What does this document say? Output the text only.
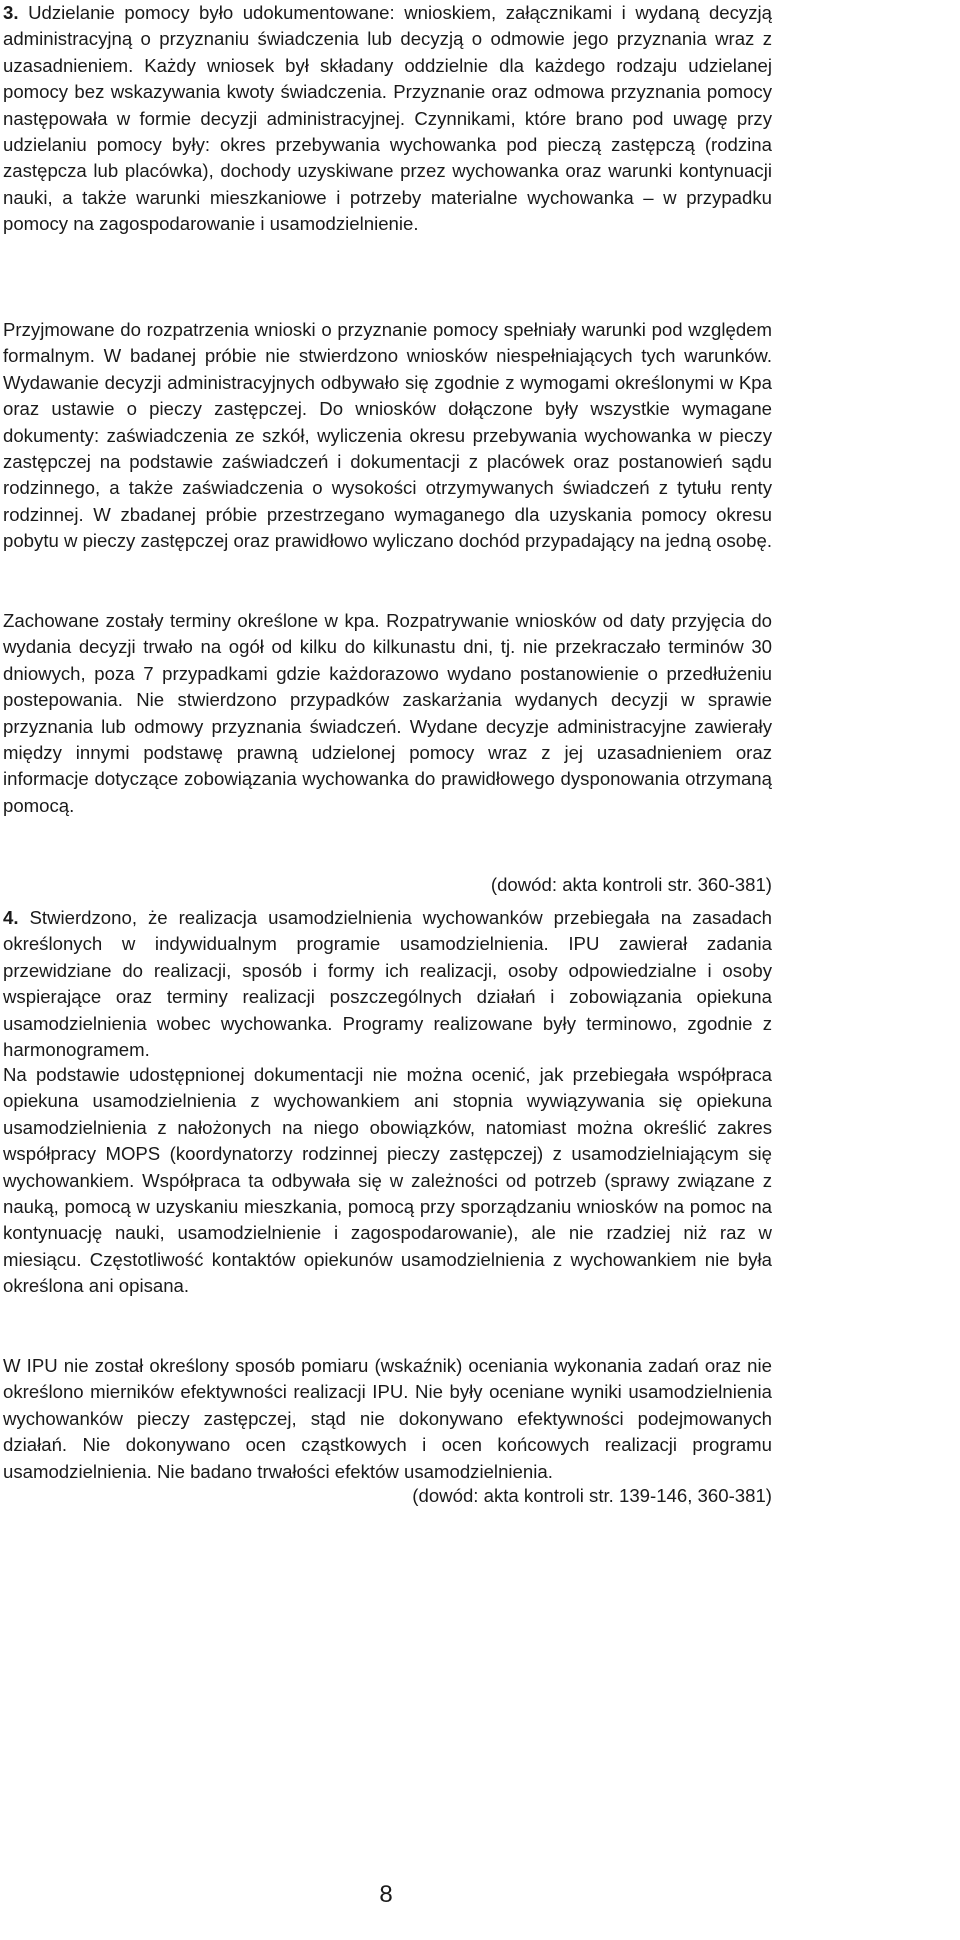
3. Udzielanie pomocy było udokumentowane: wnioskiem, załącznikami i wydaną decyzją administracyjną o przyznaniu świadczenia lub decyzją o odmowie jego przyznania wraz z uzasadnieniem. Każdy wniosek był składany oddzielnie dla każdego rodzaju udzielanej pomocy bez wskazywania kwoty świadczenia. Przyznanie oraz odmowa przyznania pomocy następowała w formie decyzji administracyjnej. Czynnikami, które brano pod uwagę przy udzielaniu pomocy były: okres przebywania wychowanka pod pieczą zastępczą (rodzina zastępcza lub placówka), dochody uzyskiwane przez wychowanka oraz warunki kontynuacji nauki, a także warunki mieszkaniowe i potrzeby materialne wychowanka – w przypadku pomocy na zagospodarowanie i usamodzielnienie.

Przyjmowane do rozpatrzenia wnioski o przyznanie pomocy spełniały warunki pod względem formalnym. W badanej próbie nie stwierdzono wniosków niespełniających tych warunków. Wydawanie decyzji administracyjnych odbywało się zgodnie z wymogami określonymi w Kpa oraz ustawie o pieczy zastępczej. Do wniosków dołączone były wszystkie wymagane dokumenty: zaświadczenia ze szkół, wyliczenia okresu przebywania wychowanka w pieczy zastępczej na podstawie zaświadczeń i dokumentacji z placówek oraz postanowień sądu rodzinnego, a także zaświadczenia o wysokości otrzymywanych świadczeń z tytułu renty rodzinnej. W zbadanej próbie przestrzegano wymaganego dla uzyskania pomocy okresu pobytu w pieczy zastępczej oraz prawidłowo wyliczano dochód przypadający na jedną osobę.

Zachowane zostały terminy określone w kpa. Rozpatrywanie wniosków od daty przyjęcia do wydania decyzji trwało na ogół od kilku do kilkunastu dni, tj. nie przekraczało terminów 30 dniowych, poza 7 przypadkami gdzie każdorazowo wydano postanowienie o przedłużeniu postepowania. Nie stwierdzono przypadków zaskarżania wydanych decyzji w sprawie przyznania lub odmowy przyznania świadczeń. Wydane decyzje administracyjne zawierały między innymi podstawę prawną udzielonej pomocy wraz z jej uzasadnieniem oraz informacje dotyczące zobowiązania wychowanka do prawidłowego dysponowania otrzymaną pomocą.

(dowód: akta kontroli str. 360-381)

4. Stwierdzono, że realizacja usamodzielnienia wychowanków przebiegała na zasadach określonych w indywidualnym programie usamodzielnienia. IPU zawierał zadania przewidziane do realizacji, sposób i formy ich realizacji, osoby odpowiedzialne i osoby wspierające oraz terminy realizacji poszczególnych działań i zobowiązania opiekuna usamodzielnienia wobec wychowanka. Programy realizowane były terminowo, zgodnie z harmonogramem.

Na podstawie udostępnionej dokumentacji nie można ocenić, jak przebiegała współpraca opiekuna usamodzielnienia z wychowankiem ani stopnia wywiązywania się opiekuna usamodzielnienia z nałożonych na niego obowiązków, natomiast można określić zakres współpracy MOPS (koordynatorzy rodzinnej pieczy zastępczej) z usamodzielniającym się wychowankiem. Współpraca ta odbywała się w zależności od potrzeb (sprawy związane z nauką, pomocą w uzyskaniu mieszkania, pomocą przy sporządzaniu wniosków na pomoc na kontynuację nauki, usamodzielnienie i zagospodarowanie), ale nie rzadziej niż raz w miesiącu. Częstotliwość kontaktów opiekunów usamodzielnienia z wychowankiem nie była określona ani opisana.

W IPU nie został określony sposób pomiaru (wskaźnik) oceniania wykonania zadań oraz nie określono mierników efektywności realizacji IPU. Nie były oceniane wyniki usamodzielnienia wychowanków pieczy zastępczej, stąd nie dokonywano efektywności podejmowanych działań. Nie dokonywano ocen cząstkowych i ocen końcowych realizacji programu usamodzielnienia. Nie badano trwałości efektów usamodzielnienia.

(dowód: akta kontroli str. 139-146, 360-381)

8
